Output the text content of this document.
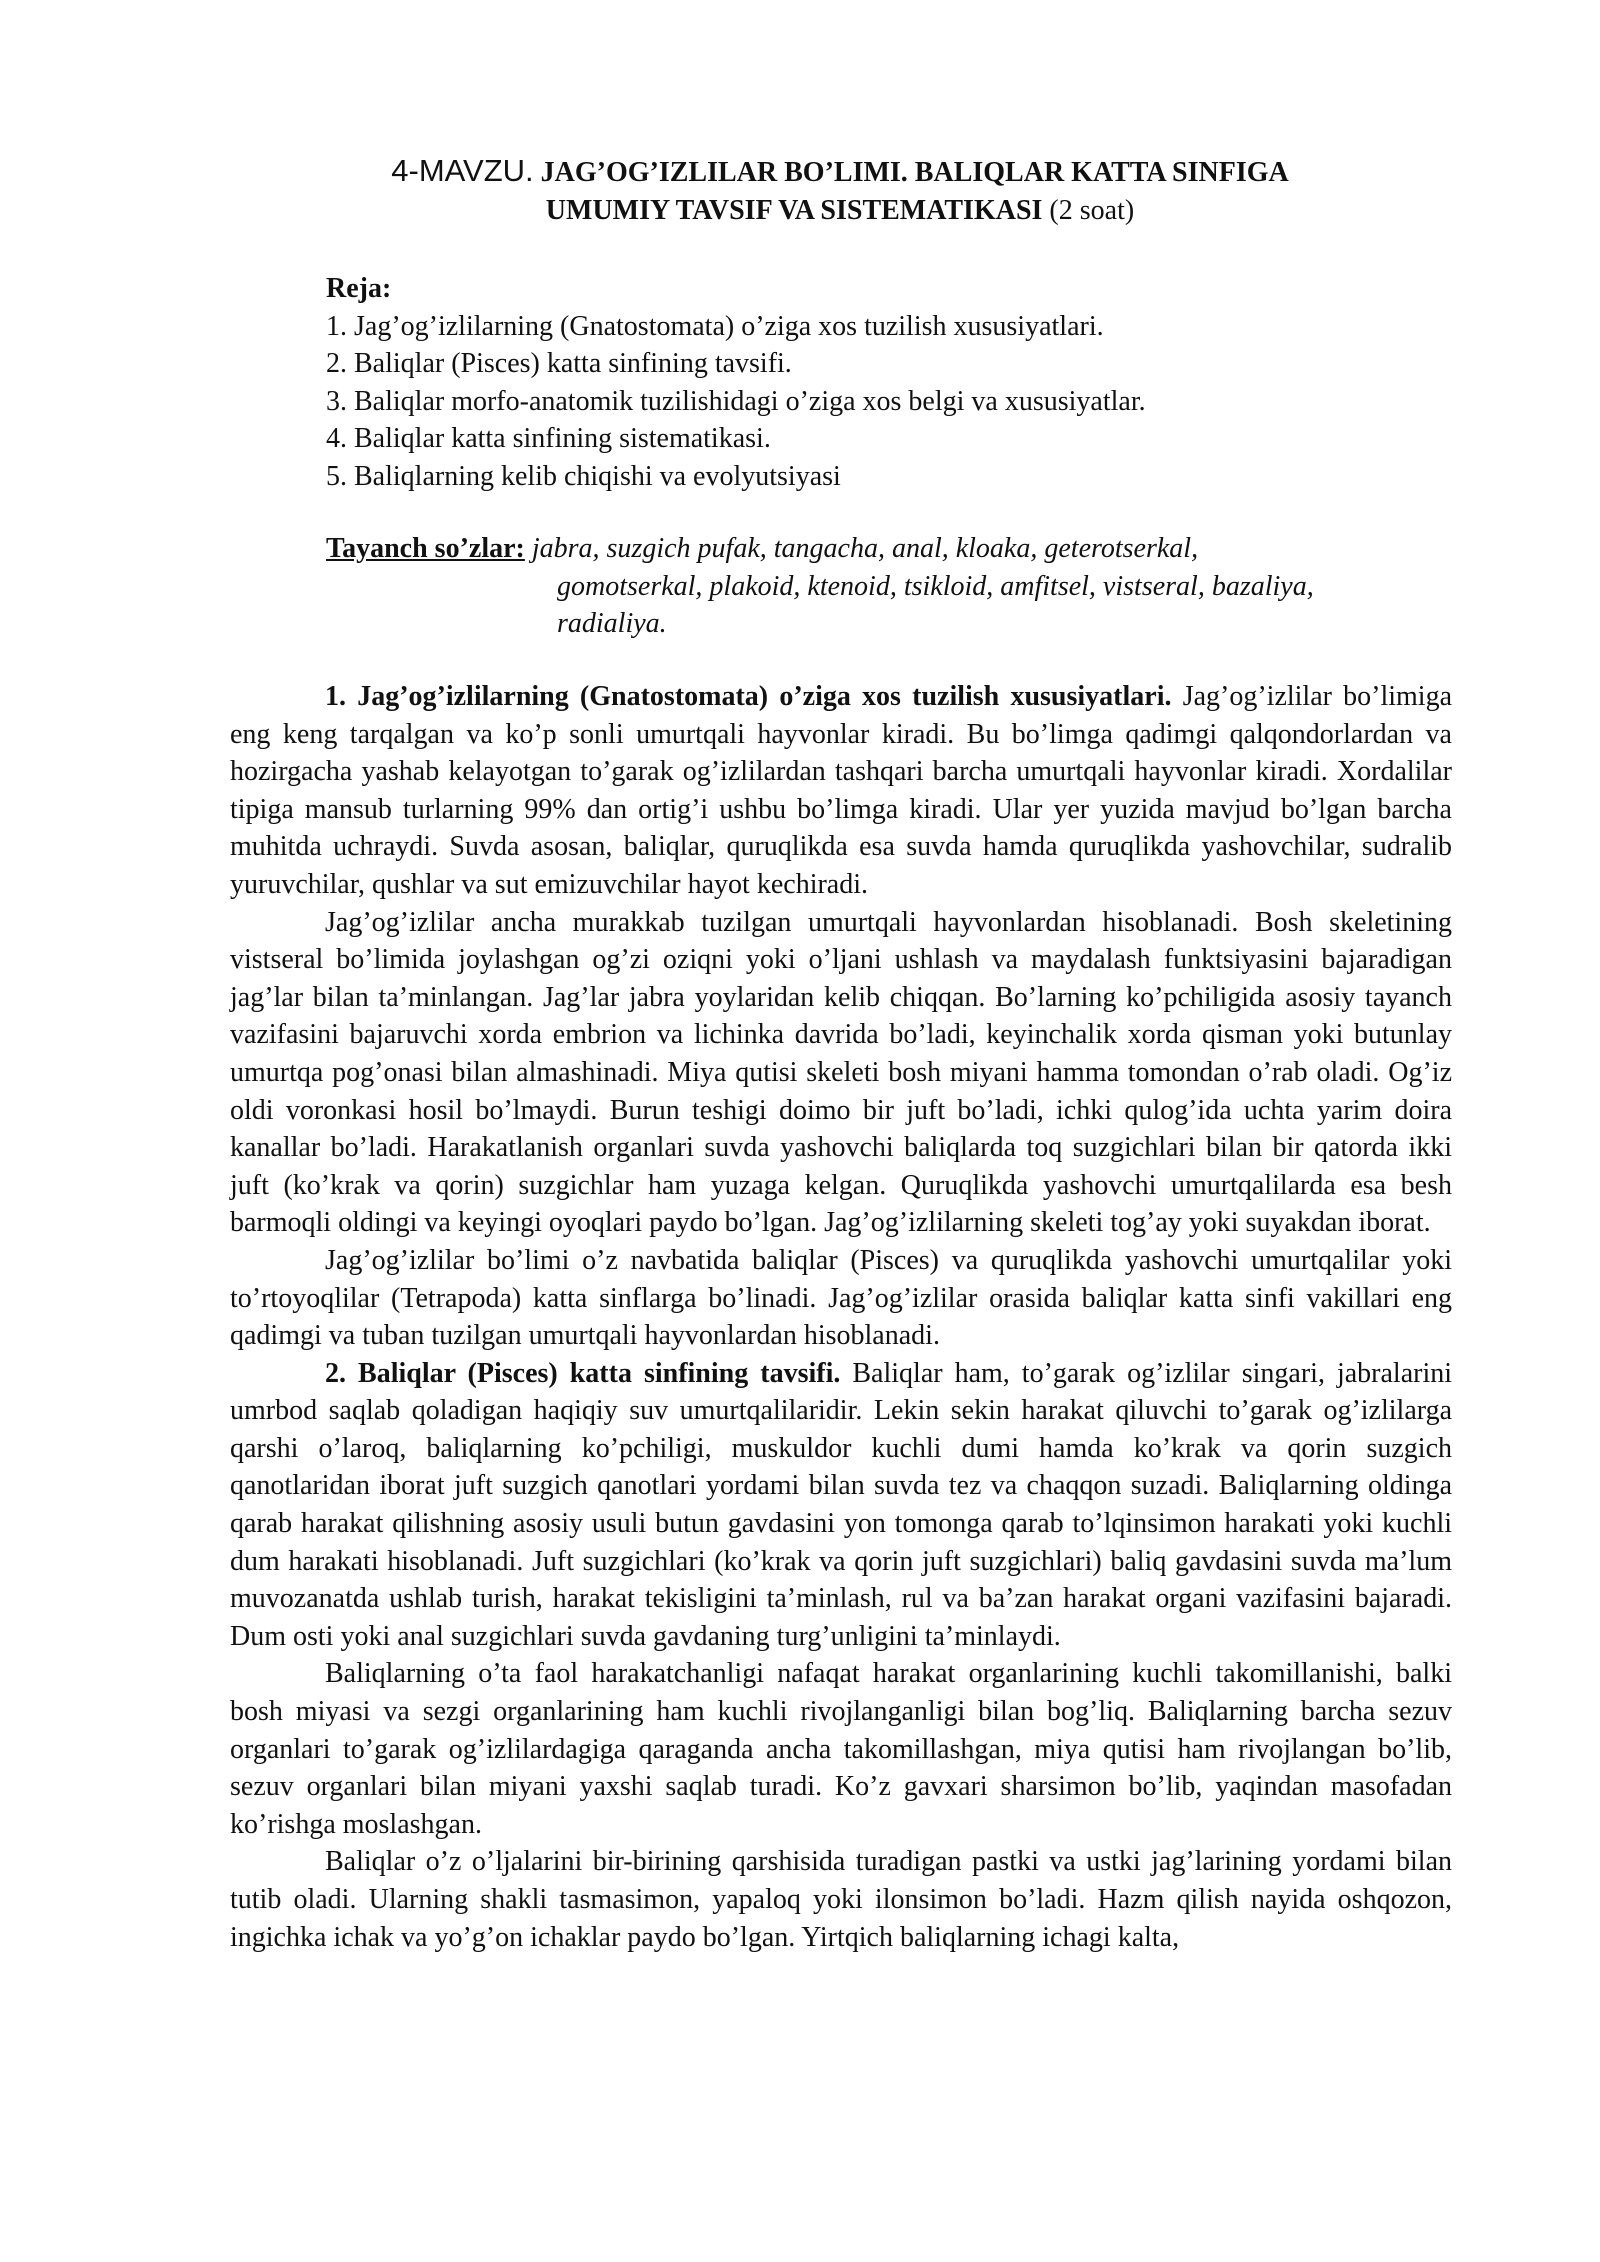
4-MAVZU. JAG’OG’IZLILAR BO’LIMI. BALIQLAR KATTA SINFIGA
UMUMIY TAVSIF VA SISTEMATIKASI (2 soat)
Reja:
1. Jag’og’izlilarning (Gnatostomata) o’ziga xos tuzilish xususiyatlari.
2. Baliqlar (Pisces) katta sinfining tavsifi.
3. Baliqlar morfo-anatomik tuzilishidagi o’ziga xos belgi va xususiyatlar.
4. Baliqlar katta sinfining sistematikasi.
5. Baliqlarning kelib chiqishi va evolyutsiyasi
Tayanch so’zlar: jabra, suzgich pufak, tangacha, anal, kloaka, geterotserkal,
gomotserkal, plakoid, ktenoid, tsikloid, amfitsel, vistseral, bazaliya,
radialiya.

1. Jag’og’izlilarning (Gnatostomata) o’ziga xos tuzilish xususiyatlari. Jag’og’izlilar bo’limiga eng keng tarqalgan va ko’p sonli umurtqali hayvonlar kiradi. Bu bo’limga qadimgi qalqondorlardan va hozirgacha yashab kelayotgan to’garak og’izlilardan tashqari barcha umurtqali hayvonlar kiradi. Xordalilar tipiga mansub turlarning 99% dan ortig’i ushbu bo’limga kiradi. Ular yer yuzida mavjud bo’lgan barcha muhitda uchraydi. Suvda asosan, baliqlar, quruqlikda esa suvda hamda quruqlikda yashovchilar, sudralib yuruvchilar, qushlar va sut emizuvchilar hayot kechiradi.

Jag’og’izlilar ancha murakkab tuzilgan umurtqali hayvonlardan hisoblanadi. Bosh skeletining vistseral bo’limida joylashgan og’zi oziqni yoki o’ljani ushlash va maydalash funktsiyasini bajaradigan jag’lar bilan ta’minlangan. Jag’lar jabra yoylaridan kelib chiqqan. Bo’larning ko’pchiligida asosiy tayanch vazifasini bajaruvchi xorda embrion va lichinka davrida bo’ladi, keyinchalik xorda qisman yoki butunlay umurtqa pog’onasi bilan almashinadi. Miya qutisi skeleti bosh miyani hamma tomondan o’rab oladi. Og’iz oldi voronkasi hosil bo’lmaydi. Burun teshigi doimo bir juft bo’ladi, ichki qulog’ida uchta yarim doira kanallar bo’ladi. Harakatlanish organlari suvda yashovchi baliqlarda toq suzgichlari bilan bir qatorda ikki juft (ko’krak va qorin) suzgichlar ham yuzaga kelgan. Quruqlikda yashovchi umurtqalilarda esa besh barmoqli oldingi va keyingi oyoqlari paydo bo’lgan. Jag’og’izlilarning skeleti tog’ay yoki suyakdan iborat.

Jag’og’izlilar bo’limi o’z navbatida baliqlar (Pisces) va quruqlikda yashovchi umurtqalilar yoki to’rtoyoqlilar (Tetrapoda) katta sinflarga bo’linadi. Jag’og’izlilar orasida baliqlar katta sinfi vakillari eng qadimgi va tuban tuzilgan umurtqali hayvonlardan hisoblanadi.

2. Baliqlar (Pisces) katta sinfining tavsifi. Baliqlar ham, to’garak og’izlilar singari, jabralarini umrbod saqlab qoladigan haqiqiy suv umurtqalilaridir. Lekin sekin harakat qiluvchi to’garak og’izlilarga qarshi o’laroq, baliqlarning ko’pchiligi, muskuldor kuchli dumi hamda ko’krak va qorin suzgich qanotlaridan iborat juft suzgich qanotlari yordami bilan suvda tez va chaqqon suzadi. Baliqlarning oldinga qarab harakat qilishning asosiy usuli butun gavdasini yon tomonga qarab to’lqinsimon harakati yoki kuchli dum harakati hisoblanadi. Juft suzgichlari (ko’krak va qorin juft suzgichlari) baliq gavdasini suvda ma’lum muvozanatda ushlab turish, harakat tekisligini ta’minlash, rul va ba’zan harakat organi vazifasini bajaradi. Dum osti yoki anal suzgichlari suvda gavdaning turg’unligini ta’minlaydi.

Baliqlarning o’ta faol harakatchanligi nafaqat harakat organlarining kuchli takomillanishi, balki bosh miyasi va sezgi organlarining ham kuchli rivojlanganligi bilan bog’liq. Baliqlarning barcha sezuv organlari to’garak og’izlilardagiga qaraganda ancha takomillashgan, miya qutisi ham rivojlangan bo’lib, sezuv organlari bilan miyani yaxshi saqlab turadi. Ko’z gavxari sharsimon bo’lib, yaqindan masofadan ko’rishga moslashgan.

Baliqlar o’z o’ljalarini bir-birining qarshisida turadigan pastki va ustki jag’larining yordami bilan tutib oladi. Ularning shakli tasmasimon, yapaloq yoki ilonsimon bo’ladi. Hazm qilish nayida oshqozon, ingichka ichak va yo’g’on ichaklar paydo bo’lgan. Yirtqich baliqlarning ichagi kalta,
